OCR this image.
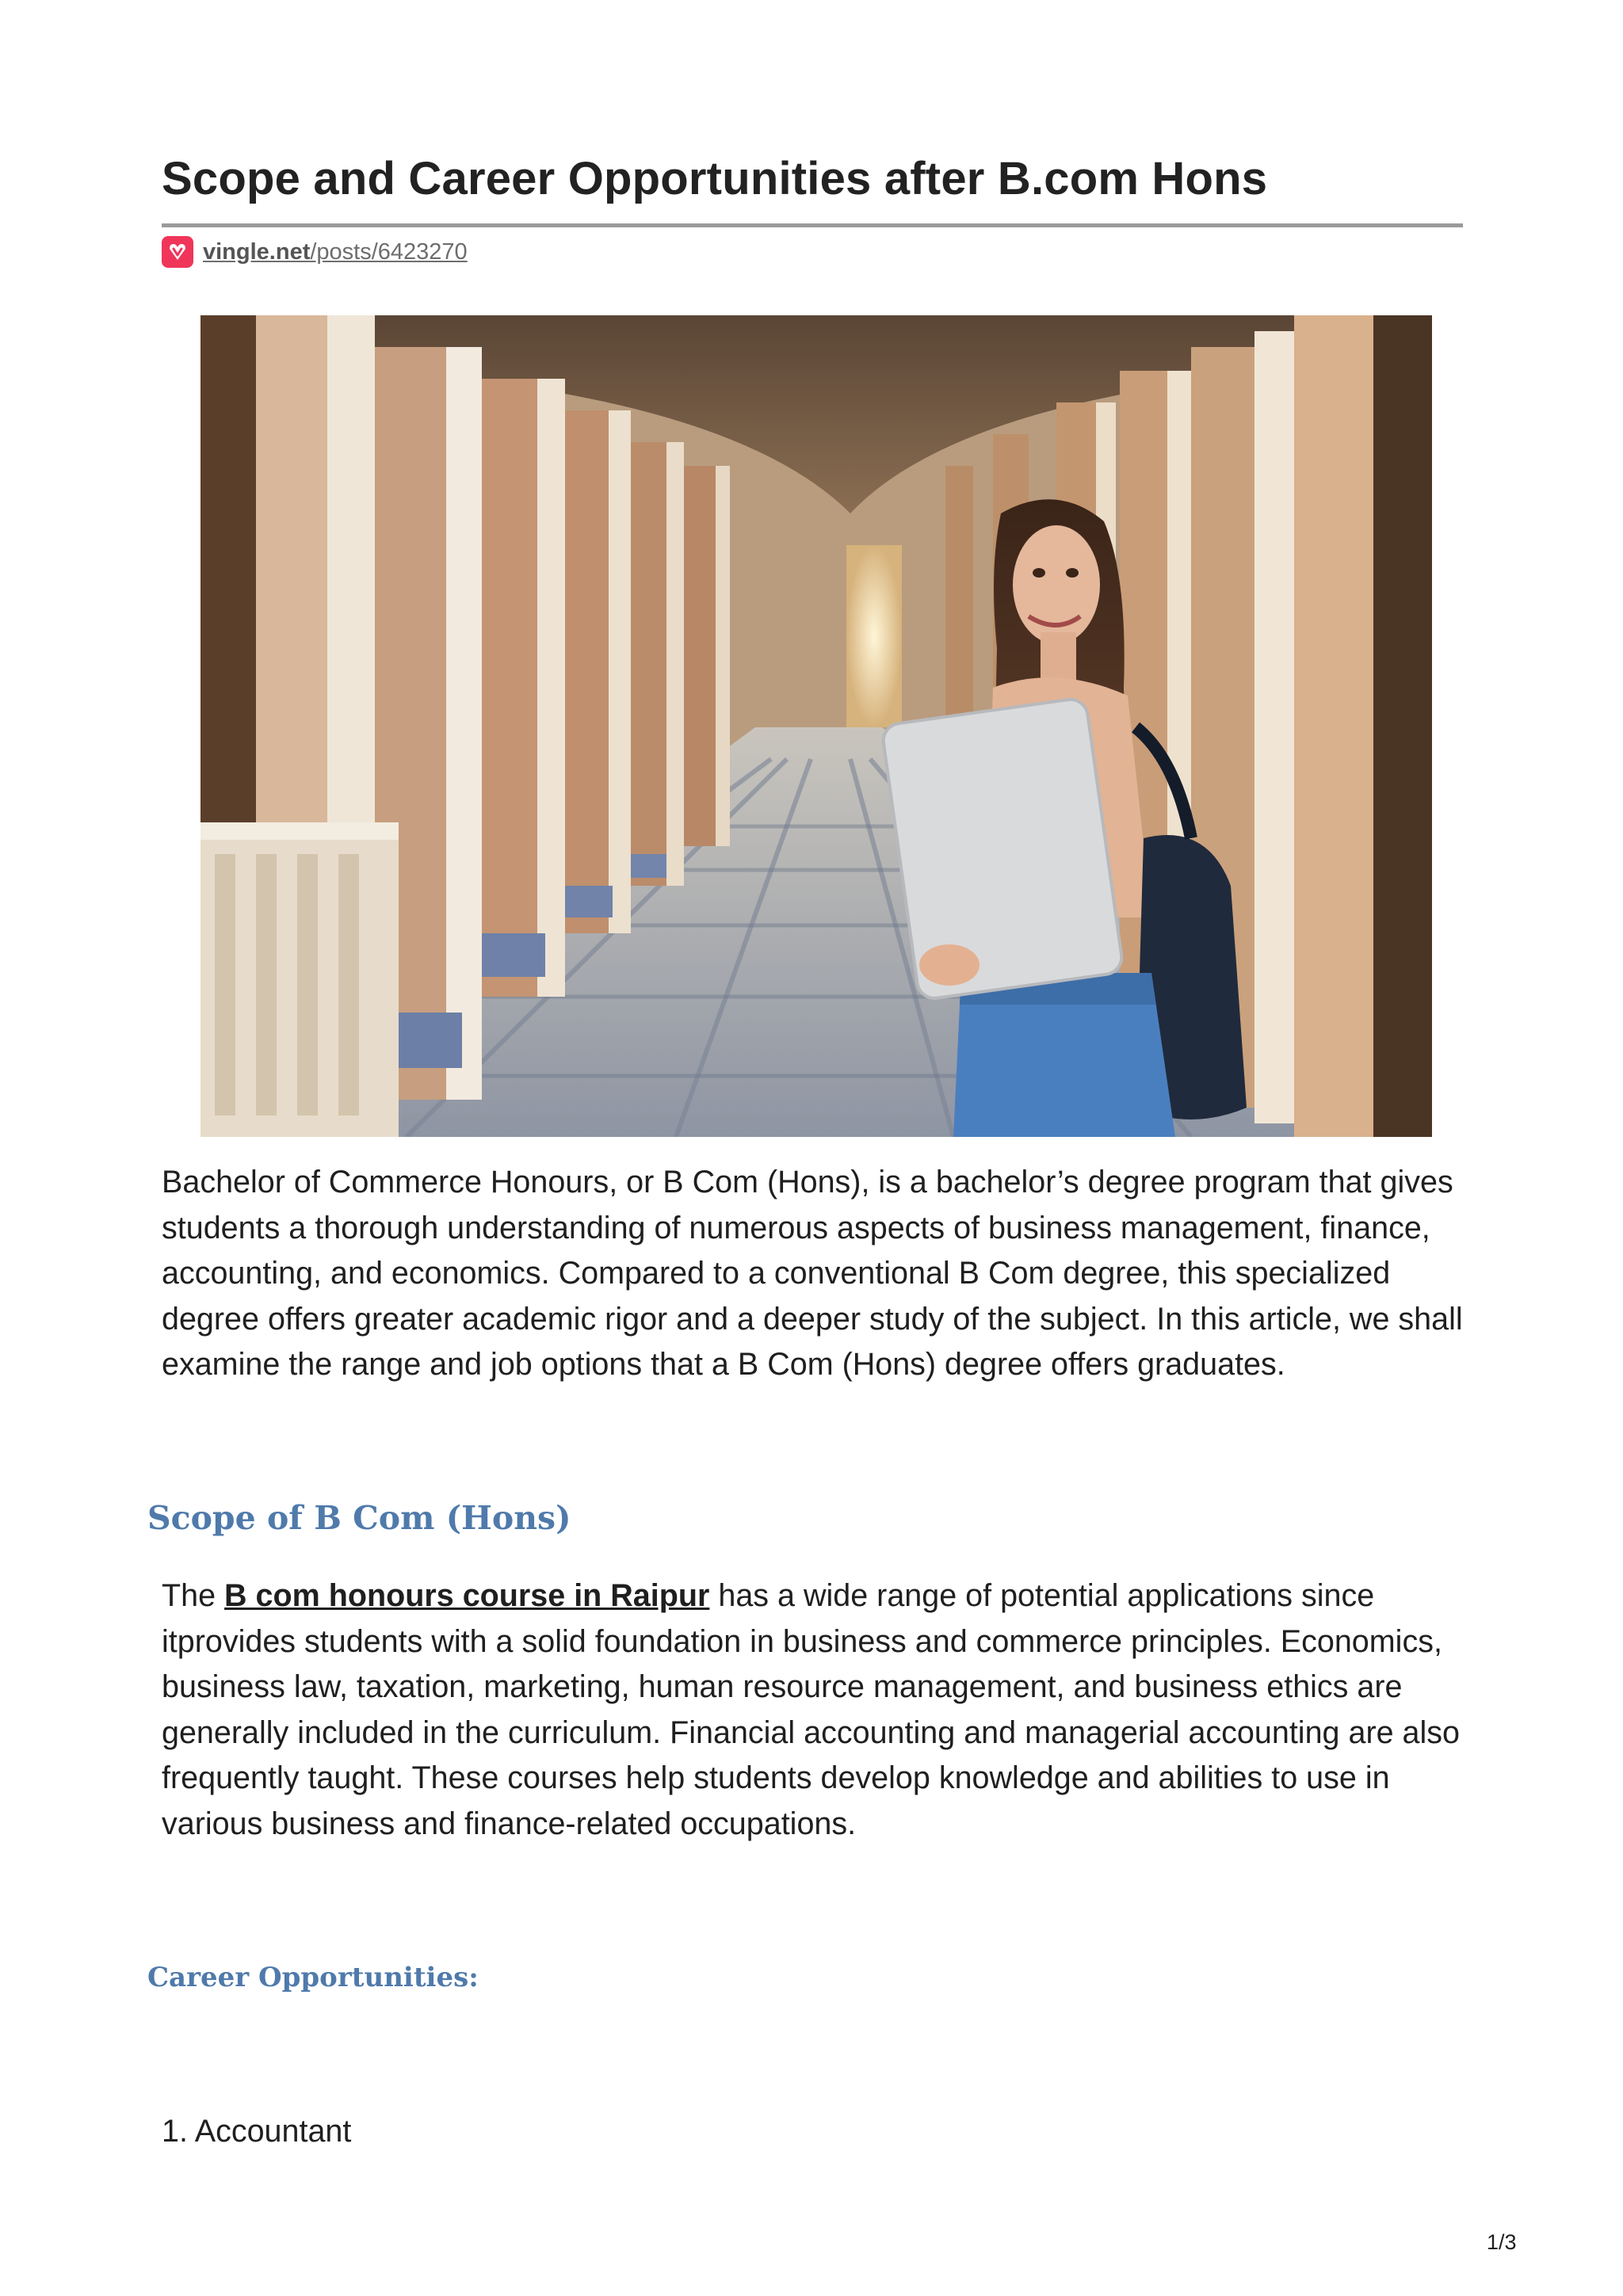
Scope and Career Opportunities after B.com Hons
vingle.net/posts/6423270

Bachelor of Commerce Honours, or B Com (Hons), is a bachelor’s degree program that gives students a thorough understanding of numerous aspects of business management, finance, accounting, and economics. Compared to a conventional B Com degree, this specialized degree offers greater academic rigor and a deeper study of the subject. In this article, we shall examine the range and job options that a B Com (Hons) degree offers graduates.

Scope of B Com (Hons)

The B com honours course in Raipur has a wide range of potential applications since itprovides students with a solid foundation in business and commerce principles. Economics, business law, taxation, marketing, human resource management, and business ethics are generally included in the curriculum. Financial accounting and managerial accounting are also frequently taught. These courses help students develop knowledge and abilities to use in various business and finance-related occupations.

Career Opportunities:
1. Accountant
1/3
